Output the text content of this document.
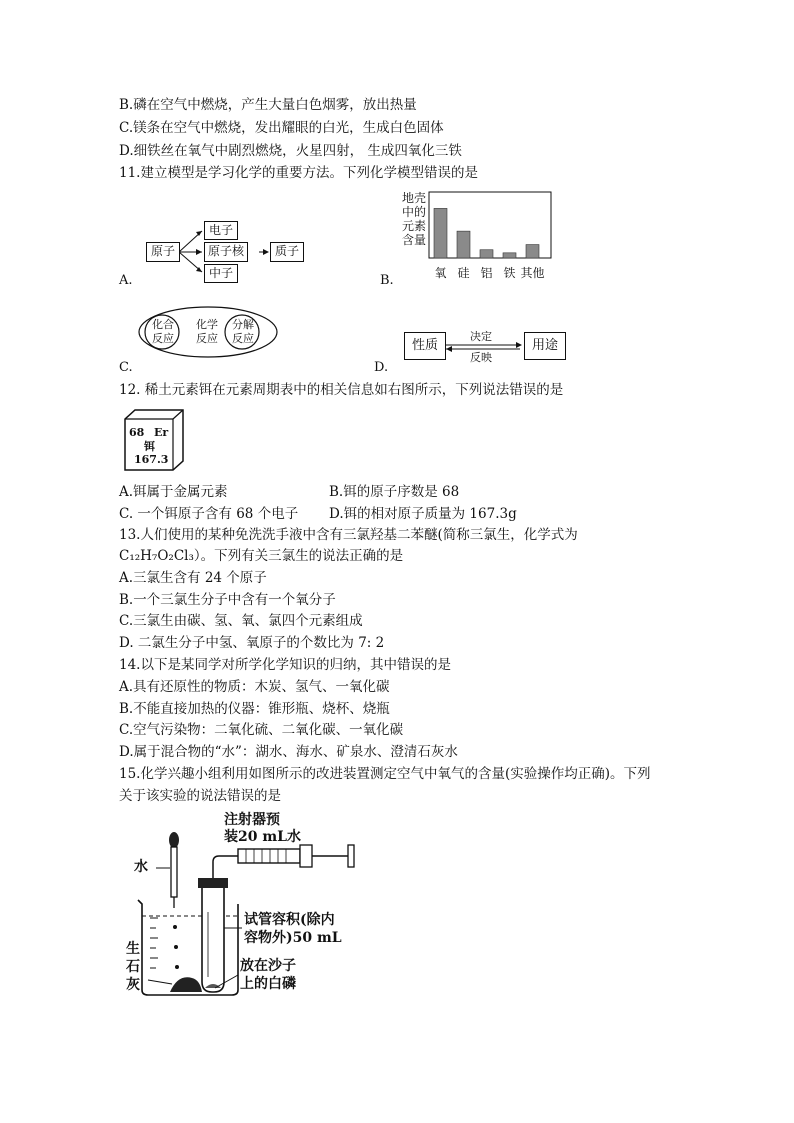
B.磷在空气中燃烧，产生大量白色烟雾，放出热量
C.镁条在空气中燃烧，发出耀眼的白光，生成白色固体
D.细铁丝在氧气中剧烈燃烧，火星四射， 生成四氧化三铁
11.建立模型是学习化学的重要方法。下列化学模型错误的是
原子
电子
原子核
中子
质子
A.
地壳
中的
元素
含量
氧 硅 铝 铁 其他
B.
化合
反应
化学
反应
分解
反应
C.
性质	用途
决定
反映
D.
12. 稀土元素铒在元素周期表中的相关信息如右图所示，下列说法错误的是
68 Er
铒
167.3
A.铒属于金属元素	B.铒的原子序数是 68
C. 一个铒原子含有 68 个电子 D.铒的相对原子质量为 167.3g
13.人们使用的某种免洗洗手液中含有三氯羟基二苯醚(简称三氯生，化学式为
C₁₂H₇O₂Cl₃）。下列有关三氯生的说法正确的是
A.三氯生含有 24 个原子
B.一个三氯生分子中含有一个氧分子
C.三氯生由碳、氢、氧、氯四个元素组成
D. 二氯生分子中氢、氧原子的个数比为 7: 2
14.以下是某同学对所学化学知识的归纳，其中错误的是
A.具有还原性的物质：木炭、氢气、一氧化碳
B.不能直接加热的仪器：锥形瓶、烧杯、烧瓶
C.空气污染物：二氧化硫、二氧化碳、一氧化碳
D.属于混合物的“水”：湖水、海水、矿泉水、澄清石灰水
15.化学兴趣小组利用如图所示的改进装置测定空气中氧气的含量(实验操作均正确)。下列
关于该实验的说法错误的是
水
注射器预
装20 mL水
试管容积(除内
容物外)50 mL
生
石
灰
放在沙子
上的白磷
